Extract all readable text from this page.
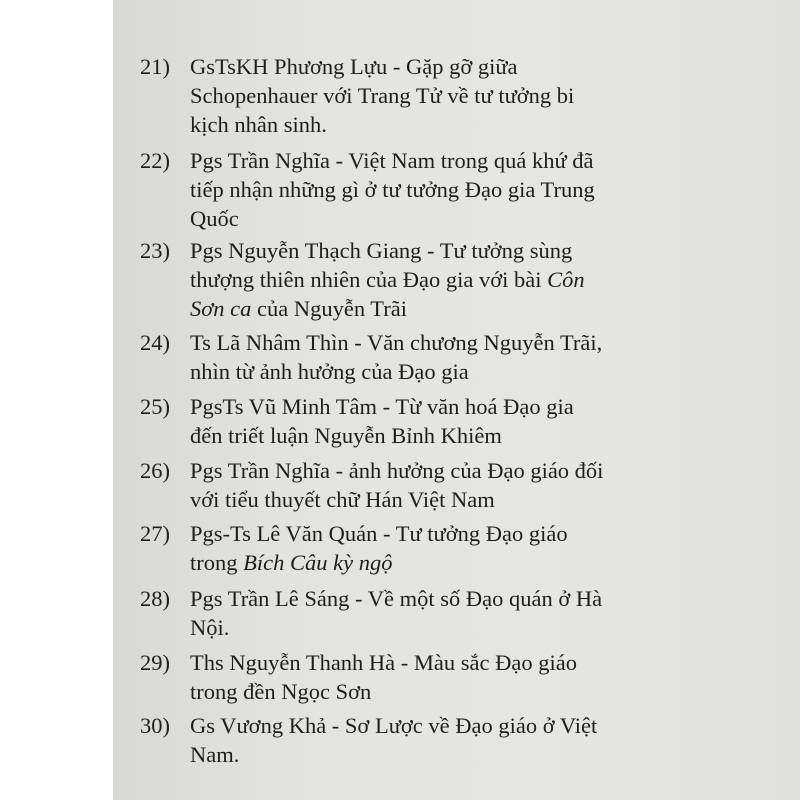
21) GsTsKH Phương Lựu - Gặp gỡ giữa
Schopenhauer với Trang Tử về tư tưởng bi
kịch nhân sinh.
22) Pgs Trần Nghĩa - Việt Nam trong quá khứ đã
tiếp nhận những gì ở tư tưởng Đạo gia Trung
Quốc
23) Pgs Nguyễn Thạch Giang - Tư tưởng sùng
thượng thiên nhiên của Đạo gia với bài Côn
Sơn ca của Nguyễn Trãi
24) Ts Lã Nhâm Thìn - Văn chương Nguyễn Trãi,
nhìn từ ảnh hưởng của Đạo gia
25) PgsTs Vũ Minh Tâm - Từ văn hoá Đạo gia
đến triết luận Nguyễn Bỉnh Khiêm
26) Pgs Trần Nghĩa - ảnh hưởng của Đạo giáo đối
với tiểu thuyết chữ Hán Việt Nam
27) Pgs-Ts Lê Văn Quán - Tư tưởng Đạo giáo
trong Bích Câu kỳ ngộ
28) Pgs Trần Lê Sáng - Về một số Đạo quán ở Hà
Nội.
29) Ths Nguyễn Thanh Hà - Màu sắc Đạo giáo
trong đền Ngọc Sơn
30) Gs Vương Khả - Sơ Lược về Đạo giáo ở Việt
Nam.
